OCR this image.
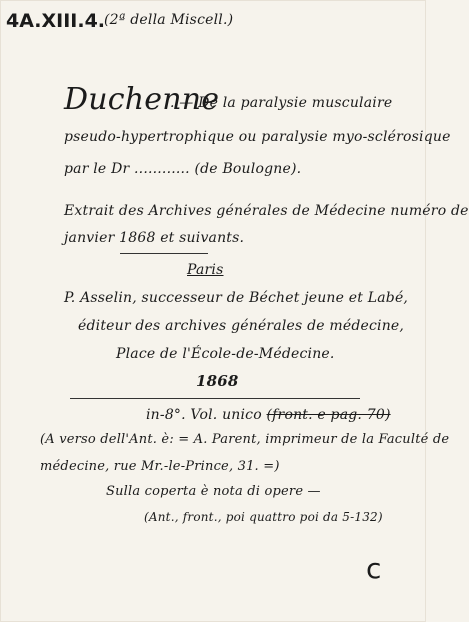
4A.XIII.4.
(2ª della Miscell.)
Duchenne
. — De la paralysie musculaire
pseudo-hypertrophique ou paralysie myo-sclérosique
par le Dr ............ (de Boulogne).
Extrait des Archives générales de Médecine numéro de
janvier 1868 et suivants.
Paris
P. Asselin, successeur de Béchet jeune et Labé,
éditeur des archives générales de médecine,
Place de l'École-de-Médecine.
1868
in-8°. Vol. unico (front. e pag. 70)
(A verso dell'Ant. è: = A. Parent, imprimeur de la Faculté de
médecine, rue Mr.-le-Prince, 31. =)
Sulla coperta è nota di opere —
(Ant., front., poi quattro poi da 5-132)
c
